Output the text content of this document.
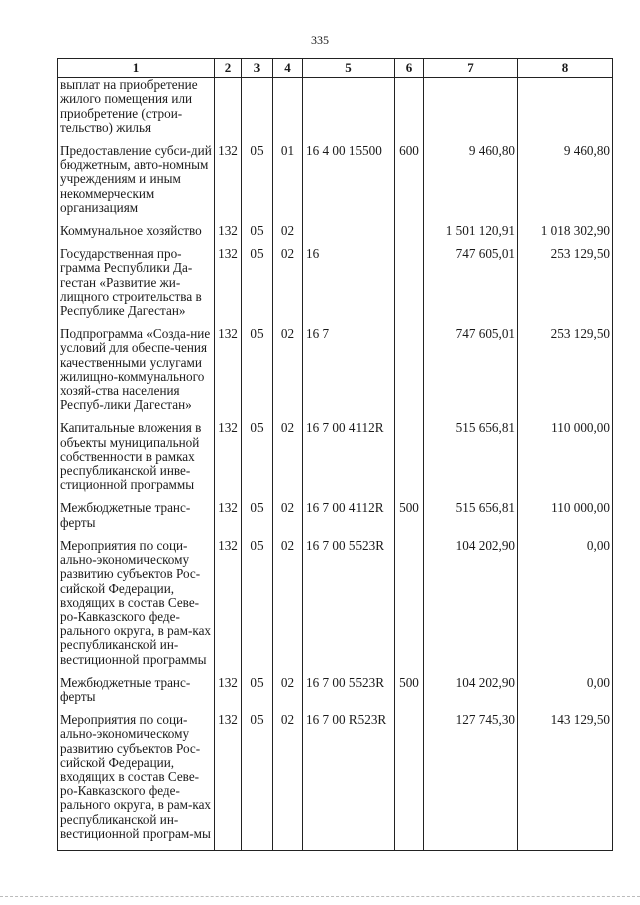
335
1	2	3	4	5	6	7	8
выплат на приобретение жилого помещения или приобретение (строи-тельство) жилья							
Предоставление субси-дий бюджетным, авто-номным учреждениям и иным некоммерческим организациям	132	05	01	16 4 00 15500	600	9 460,80	9 460,80
Коммунальное хозяйство	132	05	02			1 501 120,91	1 018 302,90
Государственная про-грамма Республики Да-гестан «Развитие жи-лищного строительства в Республике Дагестан»	132	05	02	16		747 605,01	253 129,50
Подпрограмма «Созда-ние условий для обеспе-чения качественными услугами жилищно-коммунального хозяй-ства населения Респуб-лики Дагестан»	132	05	02	16 7		747 605,01	253 129,50
Капитальные вложения в объекты муниципальной собственности в рамках республиканской инве-стиционной программы	132	05	02	16 7 00 4112R		515 656,81	110 000,00
Межбюджетные транс-ферты	132	05	02	16 7 00 4112R	500	515 656,81	110 000,00
Мероприятия по соци-ально-экономическому развитию субъектов Рос-сийской Федерации, входящих в состав Севе-ро-Кавказского феде-рального округа, в рам-ках республиканской ин-вестиционной программы	132	05	02	16 7 00 5523R		104 202,90	0,00
Межбюджетные транс-ферты	132	05	02	16 7 00 5523R	500	104 202,90	0,00
Мероприятия по соци-ально-экономическому развитию субъектов Рос-сийской Федерации, входящих в состав Севе-ро-Кавказского феде-рального округа, в рам-ках республиканской ин-вестиционной програм-мы	132	05	02	16 7 00 R523R		127 745,30	143 129,50
